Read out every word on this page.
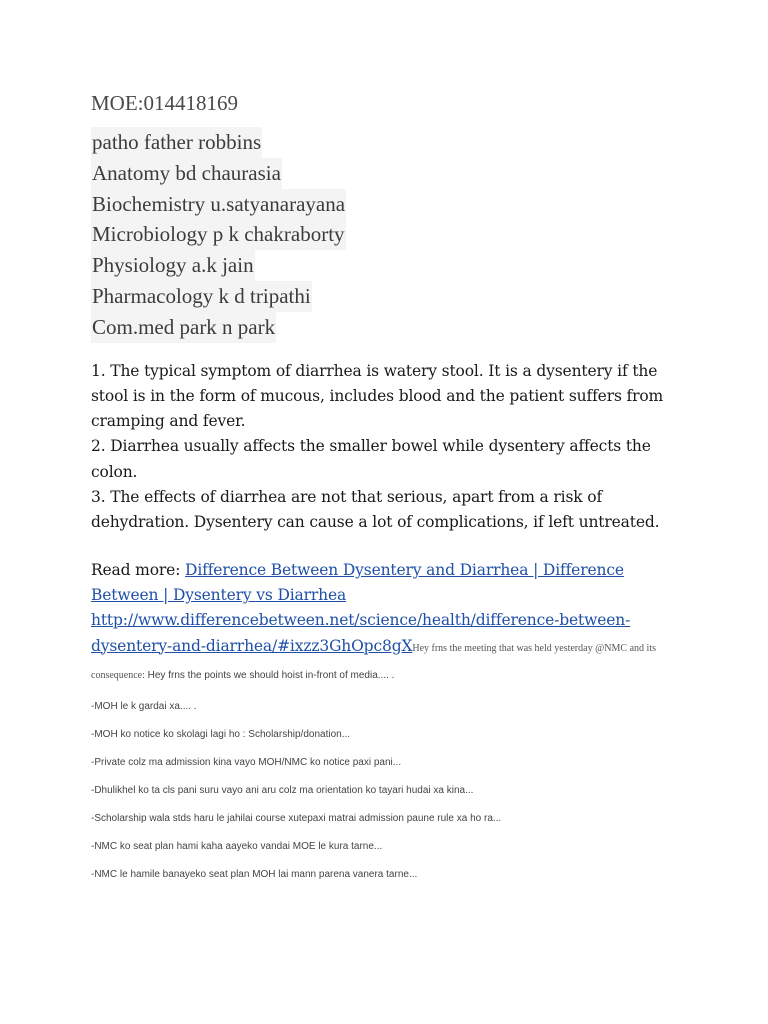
MOE:014418169
patho father robbins
Anatomy bd chaurasia
Biochemistry u.satyanarayana
Microbiology p k chakraborty
Physiology a.k jain
Pharmacology k d tripathi
Com.med park n park
1. The typical symptom of diarrhea is watery stool. It is a dysentery if the stool is in the form of mucous, includes blood and the patient suffers from cramping and fever.
2. Diarrhea usually affects the smaller bowel while dysentery affects the colon.
3. The effects of diarrhea are not that serious, apart from a risk of dehydration. Dysentery can cause a lot of complications, if left untreated.
Read more: Difference Between Dysentery and Diarrhea | Difference Between | Dysentery vs Diarrhea http://www.differencebetween.net/science/health/difference-between-dysentery-and-diarrhea/#ixzz3GhOpc8gXHey frns the meeting that was held yesterday @NMC and its consequence: Hey frns the points we should hoist in-front of media.... .
-MOH le k gardai xa.... .
-MOH ko notice ko skolagi lagi ho : Scholarship/donation...
-Private colz ma admission kina vayo MOH/NMC ko notice paxi pani...
-Dhulikhel ko ta cls pani suru vayo ani aru colz ma orientation ko tayari hudai xa kina...
-Scholarship wala stds haru le jahilai course xutepaxi matrai admission paune rule xa ho ra...
-NMC ko seat plan hami kaha aayeko vandai MOE le kura tarne...
-NMC le hamile banayeko seat plan MOH lai mann parena vanera tarne...
